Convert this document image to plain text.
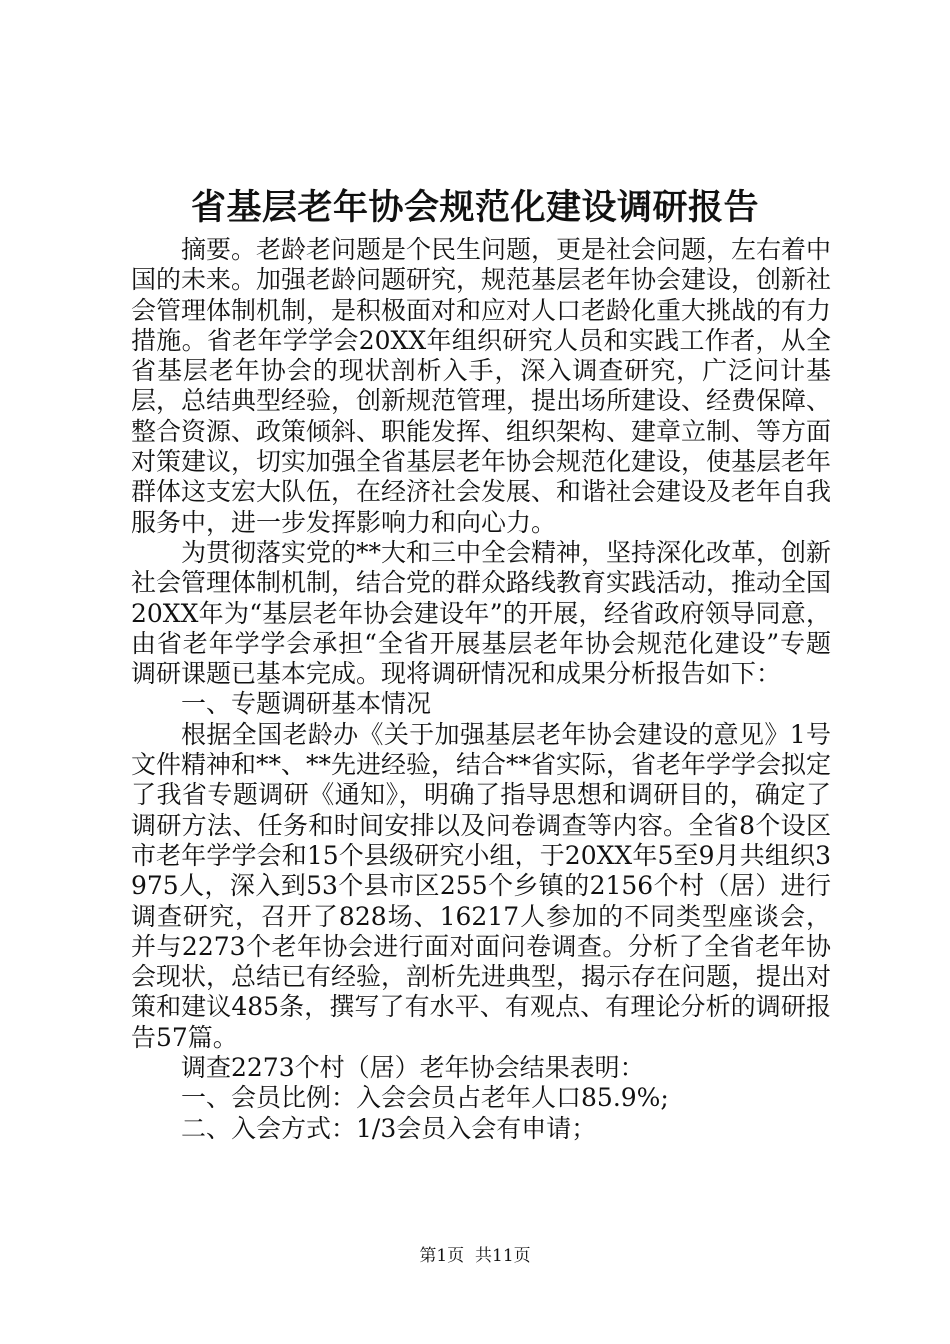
省基层老年协会规范化建设调研报告

摘要。老龄老问题是个民生问题，更是社会问题，左右着中国的未来。加强老龄问题研究，规范基层老年协会建设，创新社会管理体制机制，是积极面对和应对人口老龄化重大挑战的有力措施。省老年学学会20XX年组织研究人员和实践工作者，从全省基层老年协会的现状剖析入手，深入调查研究，广泛问计基层，总结典型经验，创新规范管理，提出场所建设、经费保障、整合资源、政策倾斜、职能发挥、组织架构、建章立制、等方面对策建议，切实加强全省基层老年协会规范化建设，使基层老年群体这支宏大队伍，在经济社会发展、和谐社会建设及老年自我服务中，进一步发挥影响力和向心力。

为贯彻落实党的**大和三中全会精神，坚持深化改革，创新社会管理体制机制，结合党的群众路线教育实践活动，推动全国20XX年为“基层老年协会建设年”的开展，经省政府领导同意，由省老年学学会承担“全省开展基层老年协会规范化建设”专题调研课题已基本完成。现将调研情况和成果分析报告如下：

一、专题调研基本情况

根据全国老龄办《关于加强基层老年协会建设的意见》1号文件精神和**、**先进经验，结合**省实际，省老年学学会拟定了我省专题调研《通知》，明确了指导思想和调研目的，确定了调研方法、任务和时间安排以及问卷调查等内容。全省8个设区市老年学学会和15个县级研究小组，于20XX年5至9月共组织3975人，深入到53个县市区255个乡镇的2156个村（居）进行调查研究，召开了828场、16217人参加的不同类型座谈会，并与2273个老年协会进行面对面问卷调查。分析了全省老年协会现状，总结已有经验，剖析先进典型，揭示存在问题，提出对策和建议485条，撰写了有水平、有观点、有理论分析的调研报告57篇。

调查2273个村（居）老年协会结果表明：

一、会员比例：入会会员占老年人口85.9%;

二、入会方式：1/3会员入会有申请；

第1页 共11页
